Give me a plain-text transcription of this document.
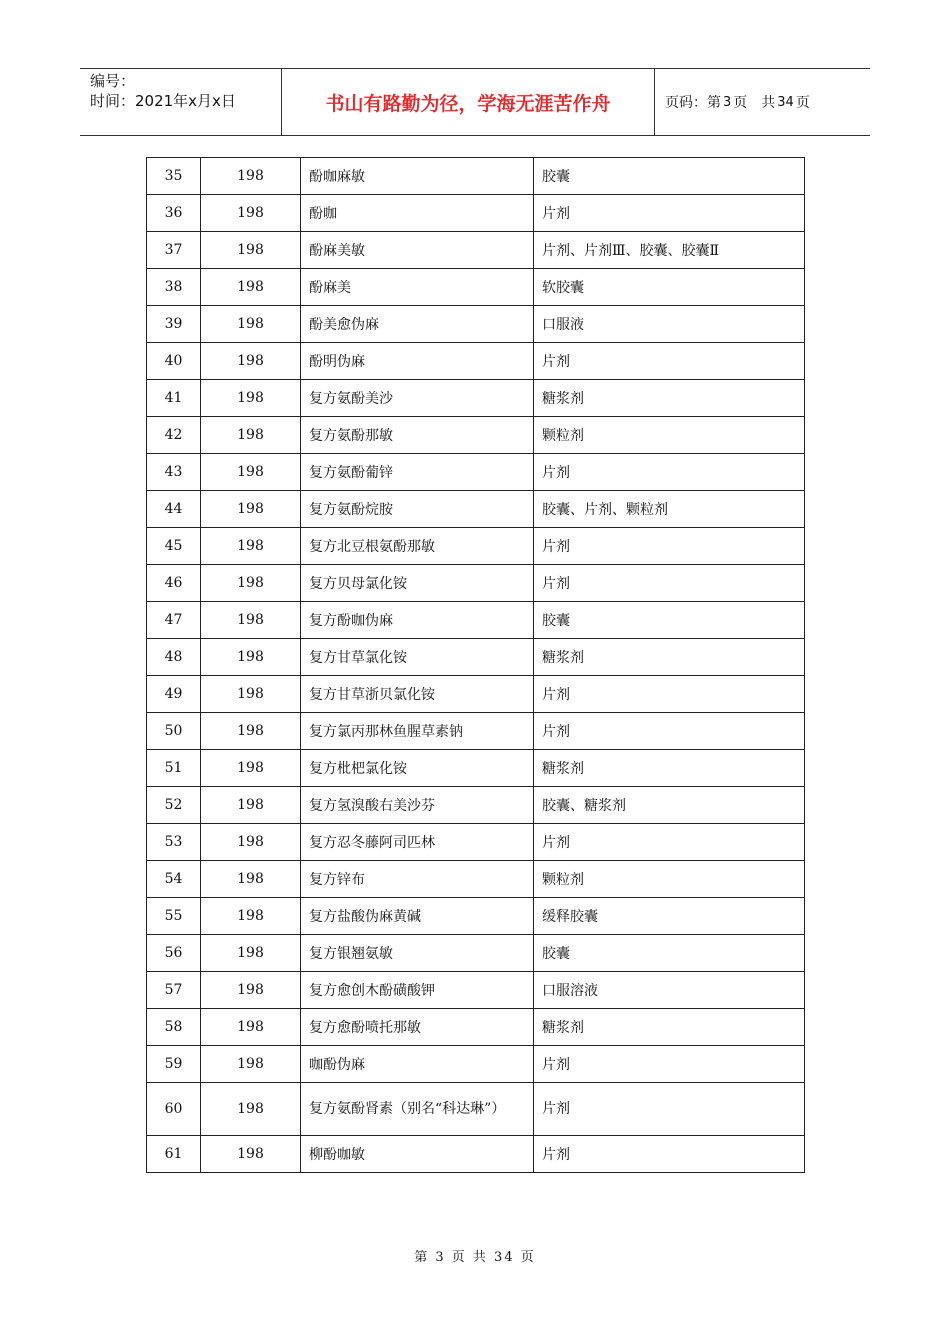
编号：
时间：2021年x月x日	书山有路勤为径，学海无涯苦作舟	页码：第 3 页　共 34 页
35	198	酚咖麻敏	胶囊
36	198	酚咖	片剂
37	198	酚麻美敏	片剂、片剂Ⅲ、胶囊、胶囊Ⅱ
38	198	酚麻美	软胶囊
39	198	酚美愈伪麻	口服液
40	198	酚明伪麻	片剂
41	198	复方氨酚美沙	糖浆剂
42	198	复方氨酚那敏	颗粒剂
43	198	复方氨酚葡锌	片剂
44	198	复方氨酚烷胺	胶囊、片剂、颗粒剂
45	198	复方北豆根氨酚那敏	片剂
46	198	复方贝母氯化铵	片剂
47	198	复方酚咖伪麻	胶囊
48	198	复方甘草氯化铵	糖浆剂
49	198	复方甘草浙贝氯化铵	片剂
50	198	复方氯丙那林鱼腥草素钠	片剂
51	198	复方枇杷氯化铵	糖浆剂
52	198	复方氢溴酸右美沙芬	胶囊、糖浆剂
53	198	复方忍冬藤阿司匹林	片剂
54	198	复方锌布	颗粒剂
55	198	复方盐酸伪麻黄碱	缓释胶囊
56	198	复方银翘氨敏	胶囊
57	198	复方愈创木酚磺酸钾	口服溶液
58	198	复方愈酚喷托那敏	糖浆剂
59	198	咖酚伪麻	片剂
60	198	复方氨酚肾素（别名“科达琳”）	片剂
61	198	柳酚咖敏	片剂
第 3 页 共 34 页
